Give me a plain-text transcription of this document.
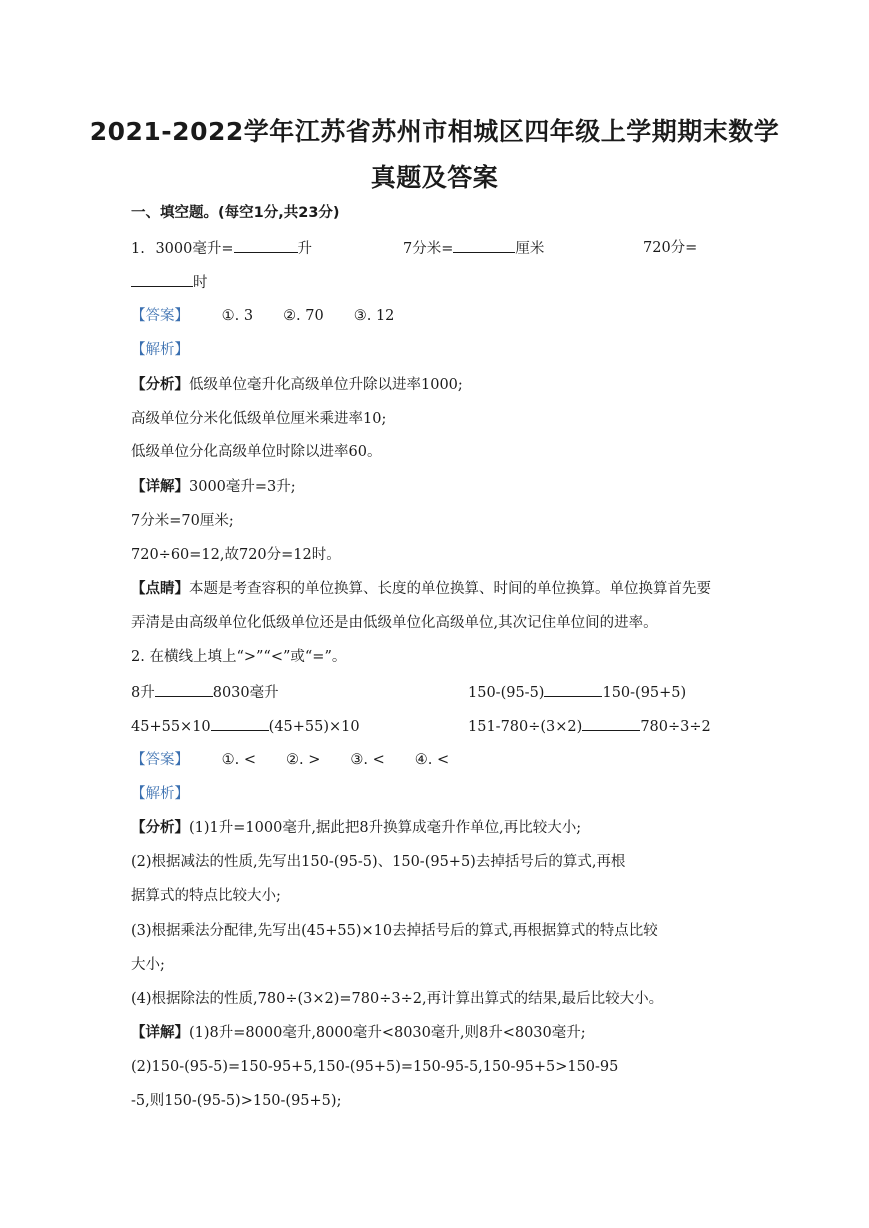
2021-2022学年江苏省苏州市相城区四年级上学期期末数学
真题及答案
一、填空题。(每空1分,共23分)
1. 3000毫升=	升	7分米=	厘米	720分=
时
【答案】 ①. 3 ②. 70 ③. 12
【解析】
【分析】低级单位毫升化高级单位升除以进率1000;
高级单位分米化低级单位厘米乘进率10;
低级单位分化高级单位时除以进率60。
【详解】3000毫升=3升;
7分米=70厘米;
720÷60=12,故720分=12时。
【点睛】本题是考查容积的单位换算、长度的单位换算、时间的单位换算。单位换算首先要
弄清是由高级单位化低级单位还是由低级单位化高级单位,其次记住单位间的进率。
2. 在横线上填上“>”“<”或“=”。
8升	8030毫升	150-(95-5)	150-(95+5)
45+55×10	(45+55)×10	151-780÷(3×2)	780÷3÷2
【答案】 ①. < ②. > ③. < ④. <
【解析】
【分析】(1)1升=1000毫升,据此把8升换算成毫升作单位,再比较大小;
(2)根据减法的性质,先写出150-(95-5)、150-(95+5)去掉括号后的算式,再根
据算式的特点比较大小;
(3)根据乘法分配律,先写出(45+55)×10去掉括号后的算式,再根据算式的特点比较
大小;
(4)根据除法的性质,780÷(3×2)=780÷3÷2,再计算出算式的结果,最后比较大小。
【详解】(1)8升=8000毫升,8000毫升<8030毫升,则8升<8030毫升;
(2)150-(95-5)=150-95+5,150-(95+5)=150-95-5,150-95+5>150-95
-5,则150-(95-5)>150-(95+5);
